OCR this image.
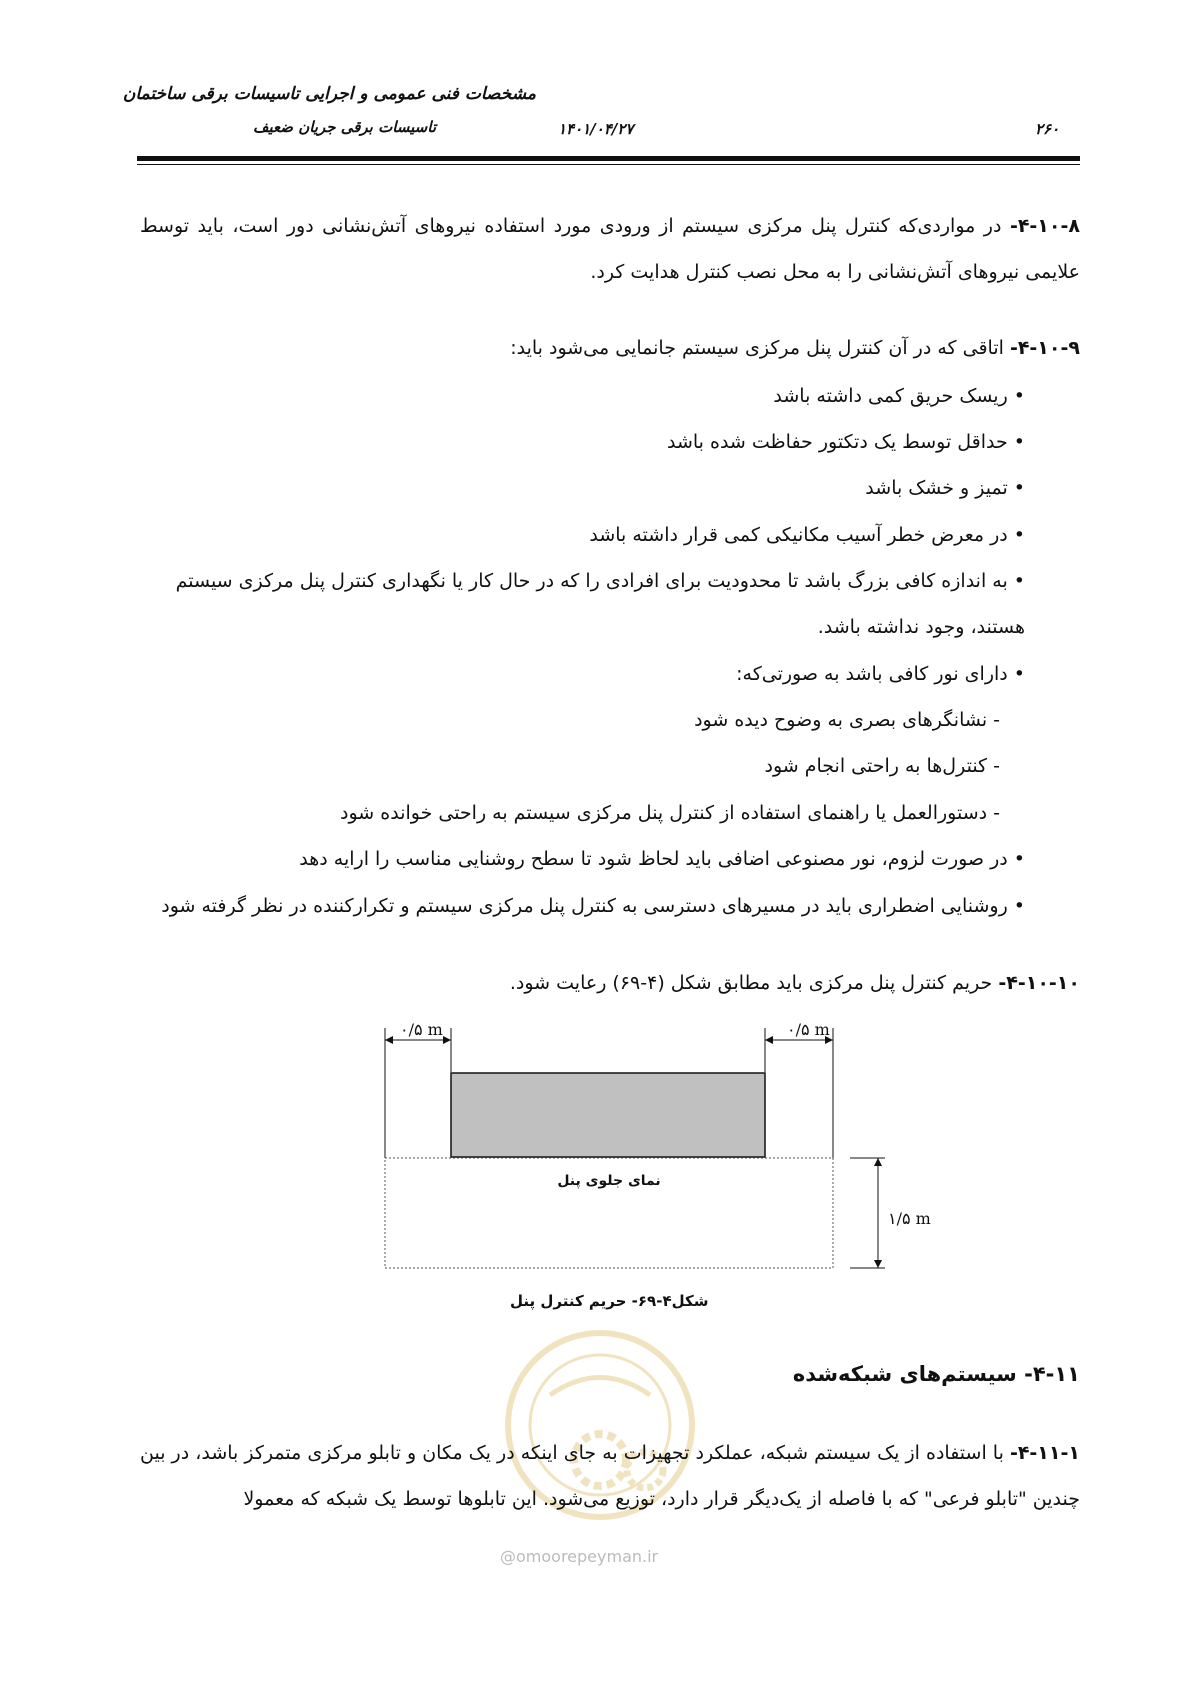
مشخصات فنی عمومی و اجرایی تاسیسات برقی ساختمان
تاسیسات برقی جریان ضعیف	۱۴۰۱/۰۴/۲۷	۲۶۰
۴-۱۰-۸- در مواردی‌که کنترل پنل مرکزی سیستم از ورودی مورد استفاده نیروهای آتش‌نشانی دور است، باید توسط علایمی نیروهای آتش‌نشانی را به محل نصب کنترل هدایت کرد.
۴-۱۰-۹- اتاقی که در آن کنترل پنل مرکزی سیستم جانمایی می‌شود باید:
• ریسک حریق کمی داشته باشد
• حداقل توسط یک دتکتور حفاظت شده باشد
• تمیز و خشک باشد
• در معرض خطر آسیب مکانیکی کمی قرار داشته باشد
• به اندازه کافی بزرگ باشد تا محدودیت برای افرادی را که در حال کار یا نگهداری کنترل پنل مرکزی سیستم
هستند، وجود نداشته باشد.
• دارای نور کافی باشد به صورتی‌که:
- نشانگرهای بصری به وضوح دیده شود
- کنترل‌ها به راحتی انجام شود
- دستورالعمل یا راهنمای استفاده از کنترل پنل مرکزی سیستم به راحتی خوانده شود
• در صورت لزوم، نور مصنوعی اضافی باید لحاظ شود تا سطح روشنایی مناسب را ارایه دهد
• روشنایی اضطراری باید در مسیرهای دسترسی به کنترل پنل مرکزی سیستم و تکرارکننده در نظر گرفته شود
۴-۱۰-۱۰- حریم کنترل پنل مرکزی باید مطابق شکل (۴-۶۹) رعایت شود.
۰/۵ m	۰/۵ m
نمای جلوی پنل
۱/۵ m
شکل۴-۶۹- حریم کنترل پنل
@omoorepeyman.ir
۴-۱۱- سیستم‌های شبکه‌شده
۴-۱۱-۱- با استفاده از یک سیستم شبکه، عملکرد تجهیزات به جای اینکه در یک مکان و تابلو مرکزی متمرکز باشد، در بین چندین "تابلو فرعی" که با فاصله از یک‌دیگر قرار دارد، توزیع می‌شود. این تابلوها توسط یک شبکه که معمولا
